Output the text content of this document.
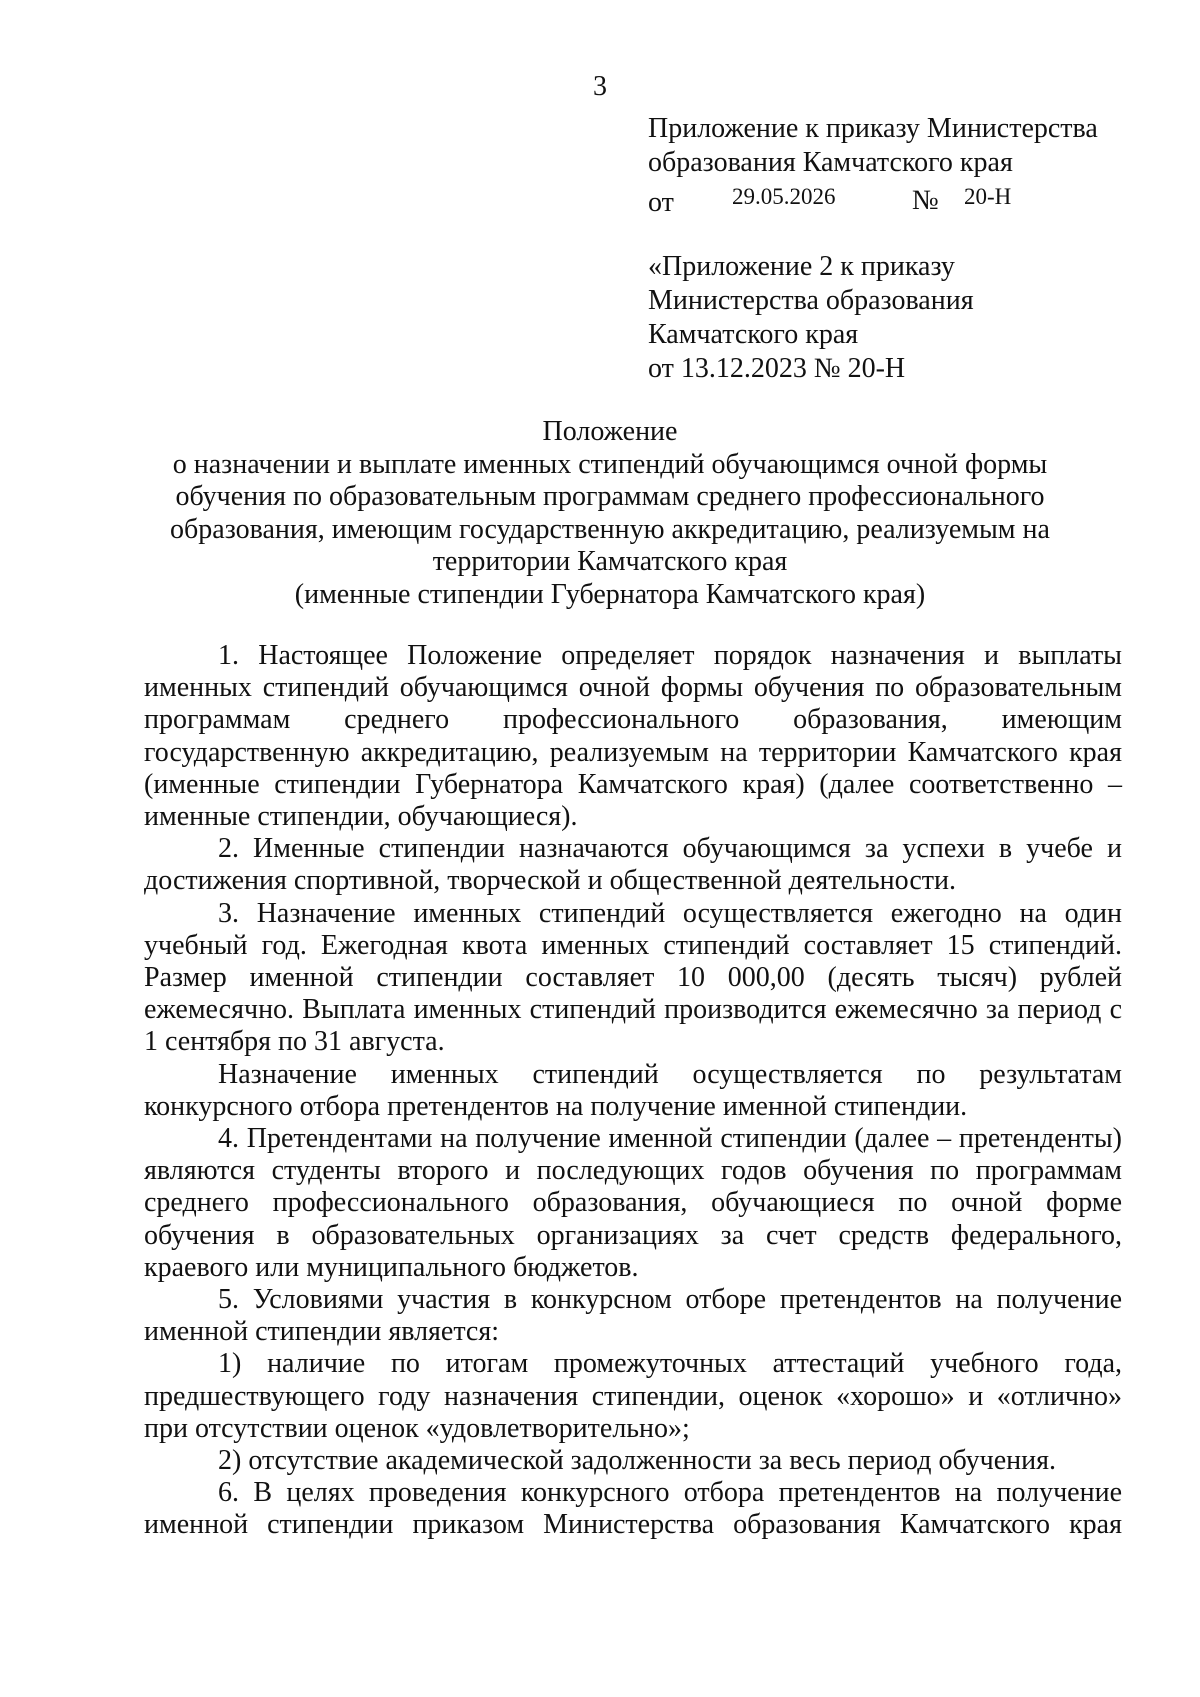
3
Приложение к приказу Министерства
образования Камчатского края
от	29.05.2026	№ 20-Н
«Приложение 2 к приказу
Министерства образования
Камчатского края
от 13.12.2023 № 20-Н
Положение
о назначении и выплате именных стипендий обучающимся очной формы
обучения по образовательным программам среднего профессионального
образования, имеющим государственную аккредитацию, реализуемым на
территории Камчатского края
(именные стипендии Губернатора Камчатского края)

1. Настоящее Положение определяет порядок назначения и выплаты именных стипендий обучающимся очной формы обучения по образовательным программам среднего профессионального образования, имеющим государственную аккредитацию, реализуемым на территории Камчатского края (именные стипендии Губернатора Камчатского края) (далее соответственно – именные стипендии, обучающиеся).

2. Именные стипендии назначаются обучающимся за успехи в учебе и достижения спортивной, творческой и общественной деятельности.

3. Назначение именных стипендий осуществляется ежегодно на один учебный год. Ежегодная квота именных стипендий составляет 15 стипендий. Размер именной стипендии составляет 10 000,00 (десять тысяч) рублей ежемесячно. Выплата именных стипендий производится ежемесячно за период с 1 сентября по 31 августа.

Назначение именных стипендий осуществляется по результатам конкурсного отбора претендентов на получение именной стипендии.

4. Претендентами на получение именной стипендии (далее – претенденты) являются студенты второго и последующих годов обучения по программам среднего профессионального образования, обучающиеся по очной форме обучения в образовательных организациях за счет средств федерального, краевого или муниципального бюджетов.

5. Условиями участия в конкурсном отборе претендентов на получение именной стипендии является:

1) наличие по итогам промежуточных аттестаций учебного года, предшествующего году назначения стипендии, оценок «хорошо» и «отлично» при отсутствии оценок «удовлетворительно»;

2) отсутствие академической задолженности за весь период обучения.

6. В целях проведения конкурсного отбора претендентов на получение именной стипендии приказом Министерства образования Камчатского края
